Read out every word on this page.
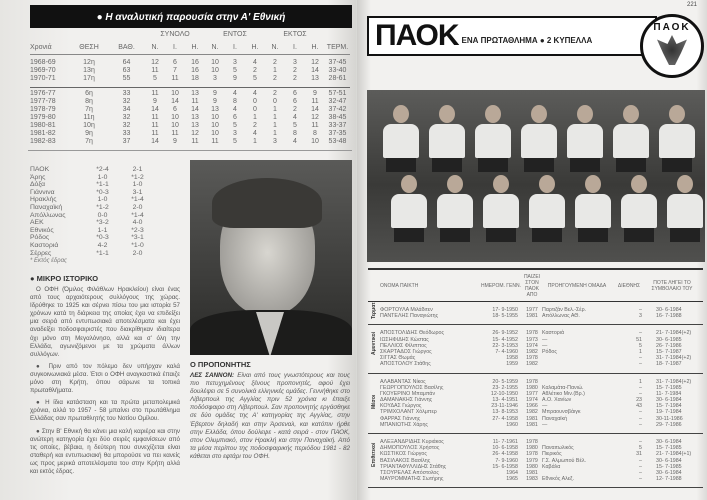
● Η αναλυτική παρουσία στην Α' Εθνική
ΣΥΝΟΛΟ	ΕΝΤΟΣ	ΕΚΤΟΣ
Χρονιά	ΘΕΣΗ	ΒΑΘ.	Ν.	Ι.	Η.	Ν.	Ι.	Η.	Ν.	Ι.	Η.	ΤΕΡΜ.
1968-69	12η	64	12	6	16	10	3	4	2	3	12	37-45
1969-70	13η	63	11	7	16	10	5	2	1	2	14	33-40
1970-71	17η	55	5	11	18	3	9	5	2	2	13	28-61
1976-77	6η	33	11	10	13	9	4	4	2	6	9	57-51
1977-78	8η	32	9	14	11	9	8	0	0	6	11	32-47
1978-79	7η	34	14	6	14	13	4	0	1	2	14	37-42
1979-80	11η	32	11	10	13	10	6	1	1	4	12	38-45
1980-81	10η	32	11	10	13	10	5	2	1	5	11	33-37
1981-82	9η	33	11	11	12	10	3	4	1	8	8	37-35
1982-83	7η	37	14	9	11	11	5	1	3	4	10	53-48
ΠΑΟΚ	*2-4	2-1
Άρης	1-0	*1-2
Δόξα	*1-1	1-0
Γιάννινα	*0-3	3-1
Ηρακλής	1-0	*1-4
Παναχαϊκή	*1-2	2-0
Απόλλωνας	0-0	*1-4
ΑΕΚ	*3-2	4-0
Εθνικός	1-1	*2-3
Ρόδος	*0-3	*3-1
Καστοριά	4-2	*1-0
Σέρρες	*1-1	2-0
* Εκτός έδρας
● ΜΙΚΡΟ ΙΣΤΟΡΙΚΟ

Ο ΟΦΗ (Όμιλος Φιλάθλων Ηρακλείου) είναι ένας από τους αρχαιότερους συλλόγους της χώρας. Ιδρύθηκε το 1925 και σέρνει πίσω του μια ιστορία 57 χρόνων κατά τη διάρκεια της οποίας έχει να επιδείξει μια σειρά από εντυπωσιακά αποτελέσματα και έχει αναδείξει ποδοσφαιριστές που διακρίθηκαν ιδιαίτερα όχι μόνο στη Μεγαλόνησο, αλλά και σ' όλη την Ελλάδα, αγωνιζόμενοι με τα χρώματα άλλων συλλόγων.

● Πριν από τον πόλεμο δεν υπήρχαν καλά συγκοινωνιακά μέσα. Έτσι ο ΟΦΗ αναγκαστικά έπαιζε μόνο στη Κρήτη, όπου σάρωνε τα τοπικά πρωταθλήματα.

● Η ίδια κατάσταση και τα πρώτα μεταπολεμικά χρόνια, αλλά το 1957 - 58 μπαίνει στο πρωτάθλημα Ελλάδας σαν πρωταθλητής του Νοτίου Ομίλου.

● Στην Β' Εθνική θα κάνει μια καλή καριέρα και στην ανώτερη κατηγορία έχει δύο σειρές εμφανίσεων από τις οποίες, βέβαια, η δεύτερη που συνεχίζεται είναι σταθερή και εντυπωσιακή θα μπορούσε να πει κανείς ως προς μερικά αποτελέσματα του στην Κρήτη αλλά και εκτός έδρας.

Ο ΠΡΟΠΟΝΗΤΗΣ
ΛΕΣ ΣΑΝΝΟΝ: Είναι από τους γνωστότερους και τους πιο πετυχημένους ξένους προπονητές, αφού έχει δουλέψει σε 5 συνολικά ελληνικές ομάδες. Γεννήθηκε στο Λίβερπουλ της Αγγλίας πριν 52 χρόνια κι έπαιξε ποδόσφαιρο στη Λίβερπουλ. Σαν προπονητής εργάσθηκε σε δύο ομάδες της Α' κατηγορίας της Αγγλίας, στην Έβερτον δηλαδή και στην Άρσεναλ, και κατόπιν ήρθε στην Ελλάδα, όπου δούλεψε - κατά σειρά - στον ΠΑΟΚ, στον Ολυμπιακό, στον Ηρακλή και στην Παναχαϊκή. Από τα μέσα περίπου της ποδοσφαιρικής περιόδου 1981 - 82 κάθεται στο εφτάρι του ΟΦΗ.
221
ΠΑΟΚ ΕΝΑ ΠΡΩΤΑΘΛΗΜΑ ● 2 ΚΥΠΕΛΛΑ
ΠΑΟΚ
ΟΝΟΜΑ ΠΑΙΚΤΗ	ΗΜΕΡΟΜ. ΓΕΝΝ.
ΠΑΙΖΕΙ ΣΤΟΝ ΠΑΟΚ ΑΠΟ
ΠΡΟΗΓΟΥΜΕΝΗ ΟΜΑΔΑ	ΔΙΕΘΝΗΣ	ΠΟΤΕ ΛΗΓΕΙ ΤΟ ΣΥΜΒΟΛΑΙΟ ΤΟΥ
Τερματ. ΦΟΡΤΟΥΛΑ Μιλάδιτεν	17- 9-1950	1977 Παρτιζάν Βελ.-Σέρ.	–	30- 6-1984
ΠΑΝΤΕΛΗΣ Παναγιώτης	18- 5-1955	1981 Απόλλωνας ΑΘ.	3	16- 7-1988
Αμυντικοί ΑΠΟΣΤΟΛΙΔΗΣ Θεόδωρος	26- 9-1952	1978 Καστοριά	–	21- 7-1984(+2)
ΙΩΣΗΦΙΔΗΣ Κώστας	15- 4-1952	1973 —	51	30- 6-1985
ΠΕΛΛΙΟΣ Φίλιππος	22- 3-1953	1974 —	5	26- 7-1986
ΣΚΑΡΤΑΔΟΣ Γιώργος	7- 4-1960	1982 Ρόδος	1	15- 7-1987
ΣΙΓΓΑΣ Θωμάς	1958	1978	–	31- 7-1984(+2)
ΑΠΟΣΤΟΛΟΥ Στάθης	1959	1982	–	18- 7-1987
Μέσοι
ΑΛΑΒΑΝΤΑΣ Νίκος	20- 5-1959	1978	1	31- 7-1984(+2)
ΓΕΩΡΓΟΠΟΥΛΟΣ Βασίλης	23- 2-1955	1980 Καλαμάτα-Πανιώ.	–	15- 7-1985
ΓΚΟΥΕΡΙΝΟ Μπαμπάν	12-10-1950	1977 Αθλέτικο Μιν.(Βρ.)	–	11- 7-1984
ΔΑΜΑΝΑΚΗΣ Γιάννης	13- 4-1951	1974 Α.Ο. Χανίων	23	30- 6-1984
ΚΟΥΔΑΣ Γιώργος	23-11-1946	1966 —	43	15- 7-1984
ΤΡΙΜΧΟΛΑΝΤ Χόλμπερ	13- 8-1953	1982 Μπραουνσβάιγκ	–	19- 7-1984
ΦΑΡΡΑΣ Γιάννης	27- 4-1958	1981 Παναχαϊκή	–	30-11-1986
ΜΠΑΝΙΩΤΗΣ Χάρης	1960	1981 —	–	29- 7-1986
Επιθετικοί
ΑΛΕΞΑΝΔΡΙΔΗΣ Κυριάκος	11- 7-1961	1978	–	30- 6-1984
ΔΗΜΟΠΟΥΛΟΣ Χρήστος	10- 6-1958	1980 Παναιτωλικός	5	15- 7-1985
ΚΩΣΤΙΚΟΣ Γιώργος	26- 4-1958	1978 Πιερικός	31	21- 7-1984(+1)
ΒΑΣΙΛΑΚΟΣ Βασίλης	7- 9-1960	1979 Γ.Σ. Αλμωπού Βέλ.	–	30- 6-1984
ΤΡΙΑΝΤΑΦΥΛΛΙΔΗΣ Στάθης	15- 6-1958	1980 Καβάλα	–	15- 7-1985
ΤΣΟΥΡΕΛΑΣ Απόστολος	1964	1981	–	30- 6-1984
ΜΑΥΡΟΜΜΑΤΗΣ Σωτήρης	1965	1983 Εθνικός Αλεξ.	–	12- 7-1988
